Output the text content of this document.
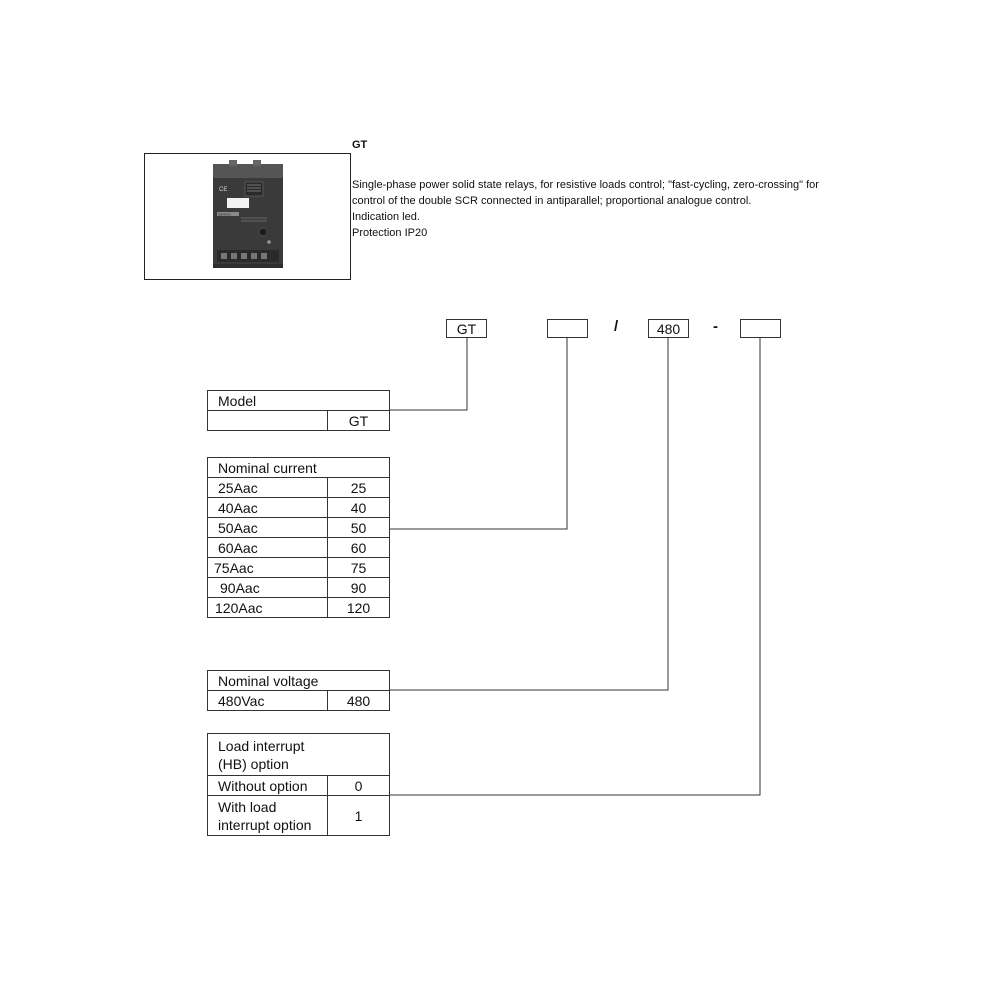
GT
CE
GEFRAN
Single-phase power solid state relays, for resistive loads control; "fast-cycling, zero-crossing" for control of the double SCR connected in antiparallel; proportional analogue control.
Indication led.
Protection IP20
GT	/	480	-
Model
	GT
Nominal current	
25Aac	25
40Aac	40
50Aac	50
60Aac	60
75Aac	75
90Aac	90
120Aac	120
Nominal voltage
480Vac	480
Load interrupt
(HB) option	

Without option	0

With load
interrupt option	1
